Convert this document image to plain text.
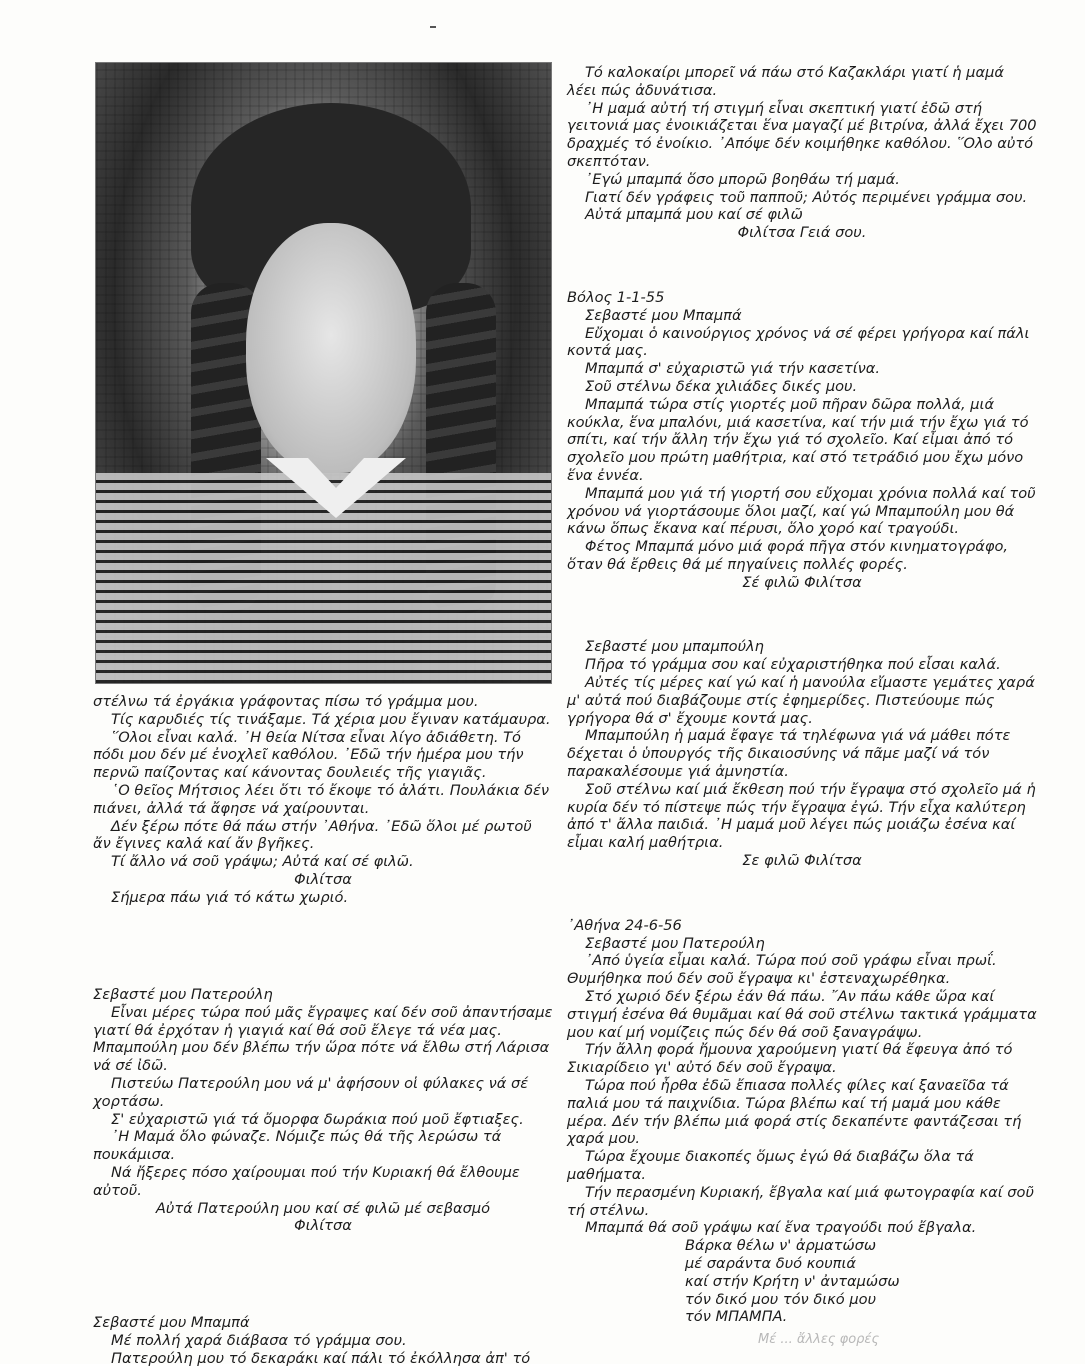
στέλνω τά ἐργάκια γράφοντας πίσω τό γράμμα μου.

Τίς καρυδιές τίς τινάξαμε. Τά χέρια μου ἔγιναν κατάμαυρα.

῞Ολοι εἶναι καλά. ᾿Η θεία Νίτσα εἶναι λίγο ἀδιάθετη. Τό πόδι μου δέν μέ ἐνοχλεῖ καθόλου. ᾿Εδῶ τήν ἡμέρα μου τήν περνῶ παίζοντας καί κάνοντας δουλειές τῆς γιαγιᾶς.

῾Ο θεῖος Μήτσιος λέει ὅτι τό ἔκοψε τό ἁλάτι. Πουλάκια δέν πιάνει, ἀλλά τά ἄφησε νά χαίρουνται.

Δέν ξέρω πότε θά πάω στήν ᾿Αθήνα. ᾿Εδῶ ὅλοι μέ ρωτοῦ ἄν ἔγινες καλά καί ἄν βγῆκες.

Τί ἄλλο νά σοῦ γράψω; Αὐτά καί σέ φιλῶ.

Φιλίτσα

Σήμερα πάω γιά τό κάτω χωριό.

Σεβαστέ μου Πατερούλη

Εἶναι μέρες τώρα πού μᾶς ἔγραψες καί δέν σοῦ ἀπαντήσαμε γιατί θά ἐρχόταν ἡ γιαγιά καί θά σοῦ ἔλεγε τά νέα μας. Μπαμπούλη μου δέν βλέπω τήν ὥρα πότε νά ἔλθω στή Λάρισα νά σέ ἰδῶ.

Πιστεύω Πατερούλη μου νά μ' ἀφήσουν οἱ φύλακες νά σέ χορτάσω.

Σ' εὐχαριστῶ γιά τά ὄμορφα δωράκια πού μοῦ ἔφτιαξες.

᾿Η Μαμά ὅλο φώναζε. Νόμιζε πώς θά τῆς λερώσω τά πουκάμισα.

Νά ἤξερες πόσο χαίρουμαι πού τήν Κυριακή θά ἔλθουμε αὐτοῦ.

Αὐτά Πατερούλη μου καί σέ φιλῶ μέ σεβασμό

Φιλίτσα

Σεβαστέ μου Μπαμπά

Μέ πολλή χαρά διάβασα τό γράμμα σου.

Πατερούλη μου τό δεκαράκι καί πάλι τό ἐκόλλησα ἀπ' τό

Τό καλοκαίρι μπορεῖ νά πάω στό Καζακλάρι γιατί ἡ μαμά λέει πώς ἀδυνάτισα.

᾿Η μαμά αὐτή τή στιγμή εἶναι σκεπτική γιατί ἐδῶ στή γειτονιά μας ἐνοικιάζεται ἕνα μαγαζί μέ βιτρίνα, ἀλλά ἔχει 700 δραχμές τό ἐνοίκιο. ᾿Απόψε δέν κοιμήθηκε καθόλου. ῞Ολο αὐτό σκεπτόταν.

᾿Εγώ μπαμπά ὅσο μπορῶ βοηθάω τή μαμά.

Γιατί δέν γράφεις τοῦ παπποῦ; Αὐτός περιμένει γράμμα σου.

Αὐτά μπαμπά μου καί σέ φιλῶ

Φιλίτσα Γειά σου.

Βόλος 1-1-55

Σεβαστέ μου Μπαμπά

Εὔχομαι ὁ καινούργιος χρόνος νά σέ φέρει γρήγορα καί πάλι κοντά μας.

Μπαμπά σ' εὐχαριστῶ γιά τήν κασετίνα.

Σοῦ στέλνω δέκα χιλιάδες δικές μου.

Μπαμπά τώρα στίς γιορτές μοῦ πῆραν δῶρα πολλά, μιά κούκλα, ἕνα μπαλόνι, μιά κασετίνα, καί τήν μιά τήν ἔχω γιά τό σπίτι, καί τήν ἄλλη τήν ἔχω γιά τό σχολεῖο. Καί εἶμαι ἀπό τό σχολεῖο μου πρώτη μαθήτρια, καί στό τετράδιό μου ἔχω μόνο ἕνα ἐννέα.

Μπαμπά μου γιά τή γιορτή σου εὔχομαι χρόνια πολλά καί τοῦ χρόνου νά γιορτάσουμε ὅλοι μαζί, καί γώ Μπαμπούλη μου θά κάνω ὅπως ἔκανα καί πέρυσι, ὅλο χορό καί τραγούδι.

Φέτος Μπαμπά μόνο μιά φορά πῆγα στόν κινηματογράφο, ὅταν θά ἔρθεις θά μέ πηγαίνεις πολλές φορές.

Σέ φιλῶ Φιλίτσα

Σεβαστέ μου μπαμπούλη

Πῆρα τό γράμμα σου καί εὐχαριστήθηκα πού εἶσαι καλά.

Αὐτές τίς μέρες καί γώ καί ἡ μανούλα εἴμαστε γεμάτες χαρά μ' αὐτά πού διαβάζουμε στίς ἐφημερίδες. Πιστεύουμε πώς γρήγορα θά σ' ἔχουμε κοντά μας.

Μπαμπούλη ἡ μαμά ἔφαγε τά τηλέφωνα γιά νά μάθει πότε δέχεται ὁ ὑπουργός τῆς δικαιοσύνης νά πᾶμε μαζί νά τόν παρακαλέσουμε γιά ἀμνηστία.

Σοῦ στέλνω καί μιά ἔκθεση πού τήν ἔγραψα στό σχολεῖο μά ἡ κυρία δέν τό πίστεψε πώς τήν ἔγραψα ἐγώ. Τήν εἶχα καλύτερη ἀπό τ' ἄλλα παιδιά. ᾿Η μαμά μοῦ λέγει πώς μοιάζω ἐσένα καί εἶμαι καλή μαθήτρια.

Σε φιλῶ Φιλίτσα

᾿Αθήνα 24-6-56

Σεβαστέ μου Πατερούλη

᾿Από ὑγεία εἶμαι καλά. Τώρα πού σοῦ γράφω εἶναι πρωΐ. Θυμήθηκα πού δέν σοῦ ἔγραψα κι' ἐστεναχωρέθηκα.

Στό χωριό δέν ξέρω ἐάν θά πάω. ῎Αν πάω κάθε ὥρα καί στιγμή ἐσένα θά θυμᾶμαι καί θά σοῦ στέλνω τακτικά γράμματα μου καί μή νομίζεις πώς δέν θά σοῦ ξαναγράψω.

Τήν ἄλλη φορά ἤμουνα χαρούμενη γιατί θά ἔφευγα ἀπό τό Σικιαρίδειο γι' αὐτό δέν σοῦ ἔγραψα.

Τώρα πού ἦρθα ἐδῶ ἔπιασα πολλές φίλες καί ξαναεῖδα τά παλιά μου τά παιχνίδια. Τώρα βλέπω καί τή μαμά μου κάθε μέρα. Δέν τήν βλέπω μιά φορά στίς δεκαπέντε φαντάζεσαι τή χαρά μου.

Τώρα ἔχουμε διακοπές ὅμως ἐγώ θά διαβάζω ὅλα τά μαθήματα.

Τήν περασμένη Κυριακή, ἔβγαλα καί μιά φωτογραφία καί σοῦ τή στέλνω.

Μπαμπά θά σοῦ γράψω καί ἕνα τραγούδι πού ἔβγαλα.

Βάρκα θέλω ν' ἀρματώσω

μέ σαράντα δυό κουπιά

καί στήν Κρήτη ν' ἀνταμώσω

τόν δικό μου τόν δικό μου

τόν ΜΠΑΜΠΑ.

Μέ ... ἄλλες φορές
